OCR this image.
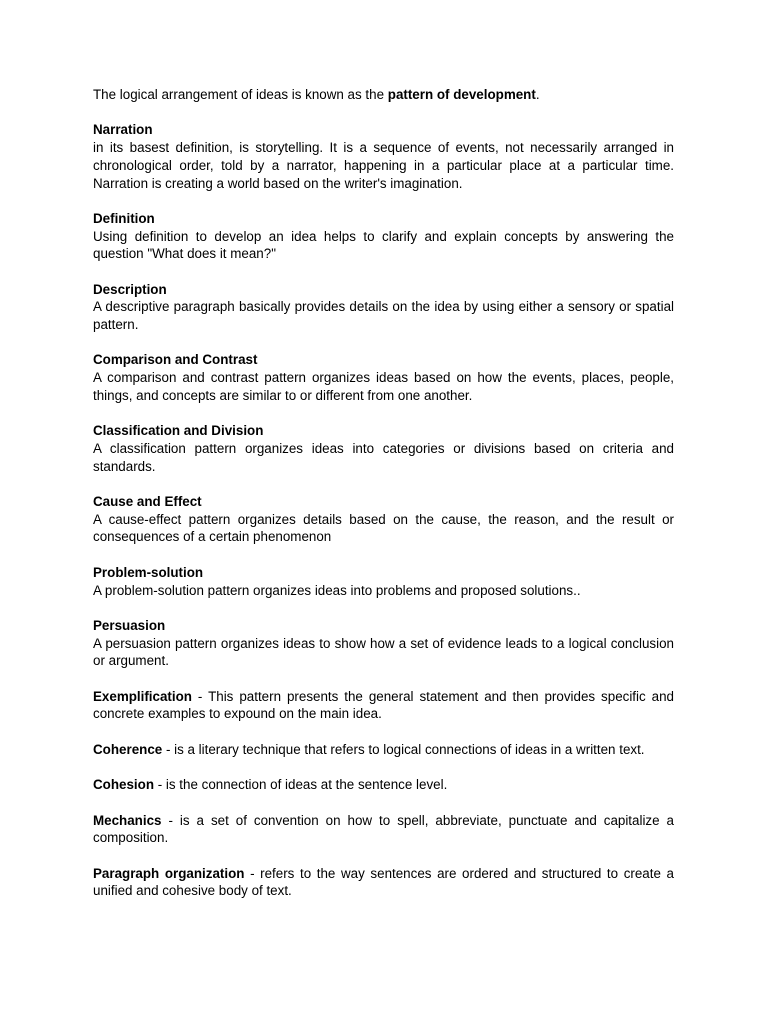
The logical arrangement of ideas is known as the pattern of development.

Narration

in its basest definition, is storytelling. It is a sequence of events, not necessarily arranged in chronological order, told by a narrator, happening in a particular place at a particular time. Narration is creating a world based on the writer's imagination.

Definition

Using definition to develop an idea helps to clarify and explain concepts by answering the question "What does it mean?"

Description

A descriptive paragraph basically provides details on the idea by using either a sensory or spatial pattern.

Comparison and Contrast

A comparison and contrast pattern organizes ideas based on how the events, places, people, things, and concepts are similar to or different from one another.

Classification and Division

A classification pattern organizes ideas into categories or divisions based on criteria and standards.

Cause and Effect

A cause-effect pattern organizes details based on the cause, the reason, and the result or consequences of a certain phenomenon

Problem-solution

A problem-solution pattern organizes ideas into problems and proposed solutions..

Persuasion

A persuasion pattern organizes ideas to show how a set of evidence leads to a logical conclusion or argument.

Exemplification - This pattern presents the general statement and then provides specific and concrete examples to expound on the main idea.

Coherence - is a literary technique that refers to logical connections of ideas in a written text.

Cohesion - is the connection of ideas at the sentence level.

Mechanics - is a set of convention on how to spell, abbreviate, punctuate and capitalize a composition.

Paragraph organization - refers to the way sentences are ordered and structured to create a unified and cohesive body of text.
